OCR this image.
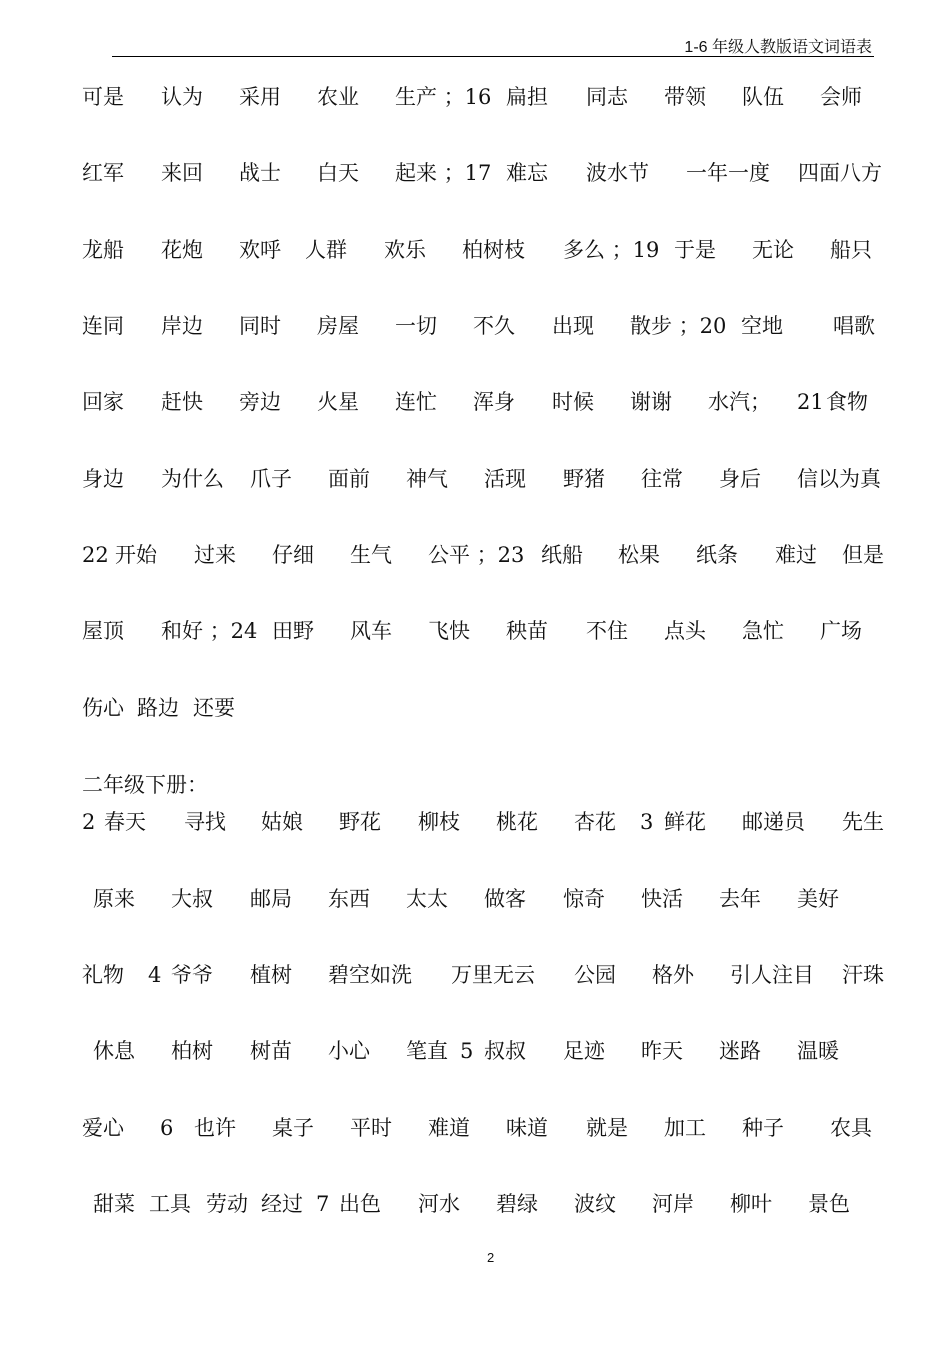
1-6 年级人教版语文词语表
可是 认为 采用 农业 生产 ；16 扁担 同志 带领 队伍 会师
红军 来回 战士 白天 起来 ；17 难忘 波水节 一年一度 四面八方
龙船 花炮 欢呼 人群 欢乐 柏树枝 多么 ；19 于是 无论 船只
连同 岸边 同时 房屋 一切 不久 出现 散步 ；20 空地 唱歌
回家 赶快 旁边 火星 连忙 浑身 时候 谢谢 水汽； 21 食物
身边 为什么 爪子 面前 神气 活现 野猪 往常 身后 信以为真
22 开始 过来 仔细 生气 公平 ；23 纸船 松果 纸条 难过 但是
屋顶 和好 ；24 田野 风车 飞快 秧苗 不住 点头 急忙 广场
伤心 路边 还要
2 春天 寻找 姑娘 野花 柳枝 桃花 杏花 3 鲜花 邮递员 先生
原来 大叔 邮局 东西 太太 做客 惊奇 快活 去年 美好
礼物 4 爷爷 植树 碧空如洗 万里无云 公园 格外 引人注目 汗珠
休息 柏树 树苗 小心 笔直 5 叔叔 足迹 昨天 迷路 温暖
爱心 6 也许 桌子 平时 难道 味道 就是 加工 种子 农具
甜菜 工具 劳动 经过 7 出色 河水 碧绿 波纹 河岸 柳叶 景色
二年级下册：
2
